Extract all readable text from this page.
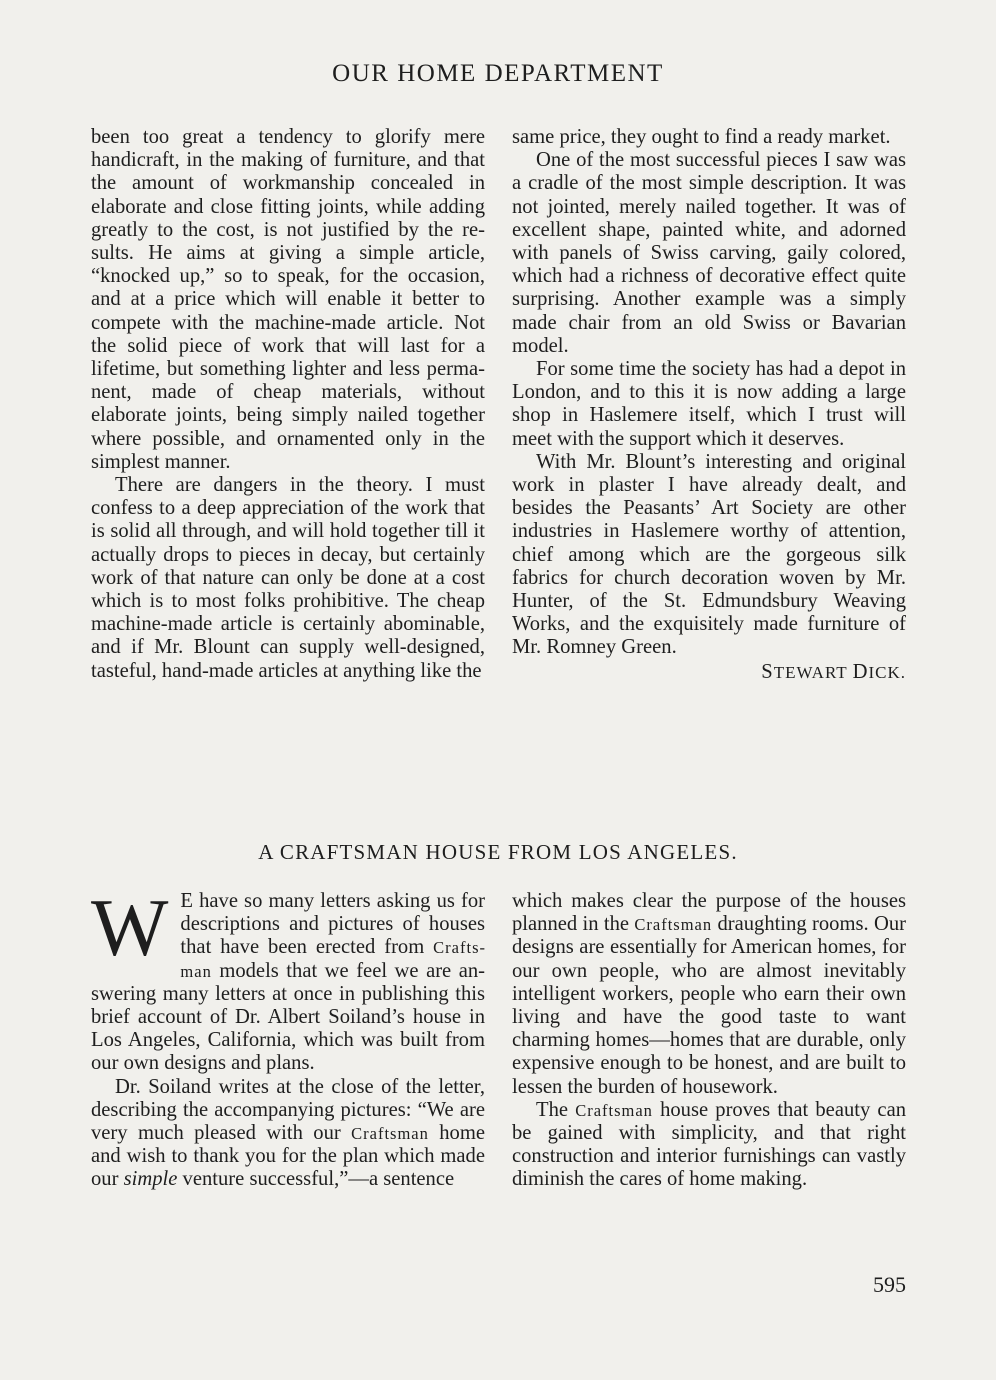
OUR HOME DEPARTMENT

been too great a tendency to glorify mere handicraft, in the making of furniture, and that the amount of workmanship concealed in elaborate and close fitting joints, while adding greatly to the cost, is not justified by the results. He aims at giving a simple article, “knocked up,” so to speak, for the occasion, and at a price which will enable it better to compete with the machine-made article. Not the solid piece of work that will last for a lifetime, but something lighter and less permanent, made of cheap materials, without elaborate joints, being simply nailed together where possible, and ornamented only in the simplest manner.

There are dangers in the theory. I must confess to a deep appreciation of the work that is solid all through, and will hold together till it actually drops to pieces in decay, but certainly work of that nature can only be done at a cost which is to most folks prohibitive. The cheap machine-made article is certainly abominable, and if Mr. Blount can supply well-designed, tasteful, hand-made articles at anything like the

same price, they ought to find a ready market.

One of the most successful pieces I saw was a cradle of the most simple description. It was not jointed, merely nailed together. It was of excellent shape, painted white, and adorned with panels of Swiss carving, gaily colored, which had a richness of decorative effect quite surprising. Another example was a simply made chair from an old Swiss or Bavarian model.

For some time the society has had a depot in London, and to this it is now adding a large shop in Haslemere itself, which I trust will meet with the support which it deserves.

With Mr. Blount’s interesting and original work in plaster I have already dealt, and besides the Peasants’ Art Society are other industries in Haslemere worthy of attention, chief among which are the gorgeous silk fabrics for church decoration woven by Mr. Hunter, of the St. Edmundsbury Weaving Works, and the exquisitely made furniture of Mr. Romney Green.

STEWART DICK.
A CRAFTSMAN HOUSE FROM LOS ANGELES.

W E have so many letters asking us for descriptions and pictures of houses that have been erected from Craftsman models that we feel we are answering many letters at once in publishing this brief account of Dr. Albert Soiland’s house in Los Angeles, California, which was built from our own designs and plans.

Dr. Soiland writes at the close of the letter, describing the accompanying pictures: “We are very much pleased with our Craftsman home and wish to thank you for the plan which made our simple venture successful,”—a sentence

which makes clear the purpose of the houses planned in the Craftsman draughting rooms. Our designs are essentially for American homes, for our own people, who are almost inevitably intelligent workers, people who earn their own living and have the good taste to want charming homes—homes that are durable, only expensive enough to be honest, and are built to lessen the burden of housework.

The Craftsman house proves that beauty can be gained with simplicity, and that right construction and interior furnishings can vastly diminish the cares of home making.

595
